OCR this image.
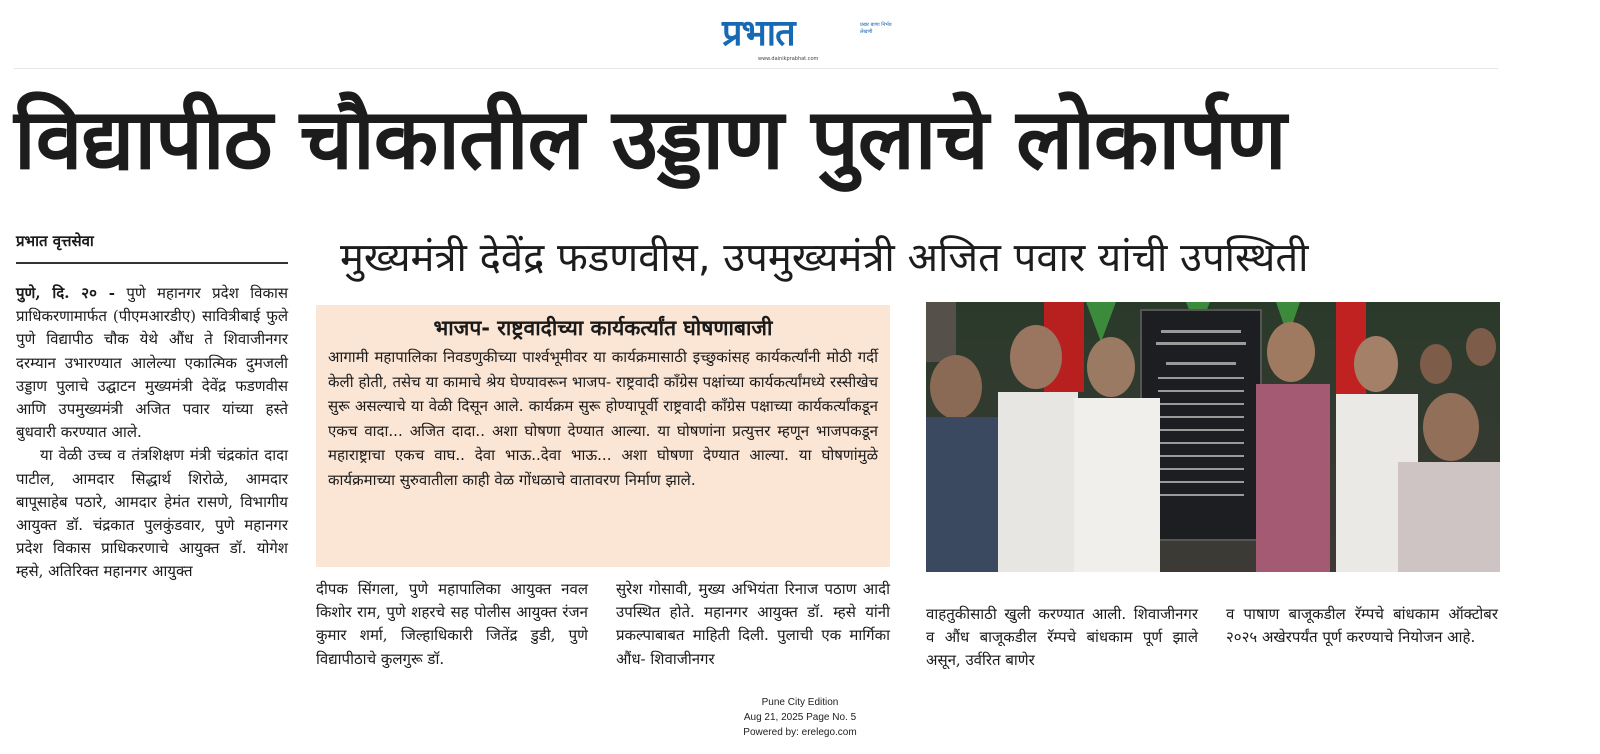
प्रभात	प्रखर बाणा निर्भय लेखणी
www.dainikprabhat.com
विद्यापीठ चौकातील उड्डाण पुलाचे लोकार्पण
मुख्यमंत्री देवेंद्र फडणवीस, उपमुख्यमंत्री अजित पवार यांची उपस्थिती
प्रभात वृत्तसेवा

पुणे, दि. २० - पुणे महानगर प्रदेश विकास प्राधिकरणामार्फत (पीएमआरडीए) सावित्रीबाई फुले पुणे विद्यापीठ चौक येथे औंध ते शिवाजीनगर दरम्यान उभारण्यात आलेल्या एकात्मिक दुमजली उड्डाण पुलाचे उद्घाटन मुख्यमंत्री देवेंद्र फडणवीस आणि उपमुख्यमंत्री अजित पवार यांच्या हस्ते बुधवारी करण्यात आले.

या वेळी उच्च व तंत्रशिक्षण मंत्री चंद्रकांत दादा पाटील, आमदार सिद्धार्थ शिरोळे, आमदार बापूसाहेब पठारे, आमदार हेमंत रासणे, विभागीय आयुक्त डॉ. चंद्रकात पुलकुंडवार, पुणे महानगर प्रदेश विकास प्राधिकरणाचे आयुक्त डॉ. योगेश म्हसे, अतिरिक्त महानगर आयुक्त

भाजप- राष्ट्रवादीच्या कार्यकर्त्यांत घोषणाबाजी
आगामी महापालिका निवडणुकीच्या पार्श्वभूमीवर या कार्यक्रमासाठी इच्छुकांसह कार्यकर्त्यांनी मोठी गर्दी केली होती, तसेच या कामाचे श्रेय घेण्यावरून भाजप- राष्ट्रवादी काँग्रेस पक्षांच्या कार्यकर्त्यांमध्ये रस्सीखेच सुरू असल्याचे या वेळी दिसून आले. कार्यक्रम सुरू होण्यापूर्वी राष्ट्रवादी काँग्रेस पक्षाच्या कार्यकर्त्यांकडून एकच वादा... अजित दादा.. अशा घोषणा देण्यात आल्या. या घोषणांना प्रत्युत्तर म्हणून भाजपकडून महाराष्ट्राचा एकच वाघ.. देवा भाऊ..देवा भाऊ... अशा घोषणा देण्यात आल्या. या घोषणांमुळे कार्यक्रमाच्या सुरुवातीला काही वेळ गोंधळाचे वातावरण निर्माण झाले.
दीपक सिंगला, पुणे महापालिका आयुक्त नवल किशोर राम, पुणे शहरचे सह पोलीस आयुक्त रंजन कुमार शर्मा, जिल्हाधिकारी जितेंद्र डुडी, पुणे विद्यापीठाचे कुलगुरू डॉ.
सुरेश गोसावी, मुख्य अभियंता रिनाज पठाण आदी उपस्थित होते. महानगर आयुक्त डॉ. म्हसे यांनी प्रकल्पाबाबत माहिती दिली. पुलाची एक मार्गिका औंध- शिवाजीनगर
वाहतुकीसाठी खुली करण्यात आली. शिवाजीनगर व औंध बाजूकडील रॅम्पचे बांधकाम पूर्ण झाले असून, उर्वरित बाणेर
व पाषाण बाजूकडील रॅम्पचे बांधकाम ऑक्टोबर २०२५ अखेरपर्यंत पूर्ण करण्याचे नियोजन आहे.
Pune City Edition
Aug 21, 2025 Page No. 5
Powered by: erelego.com
